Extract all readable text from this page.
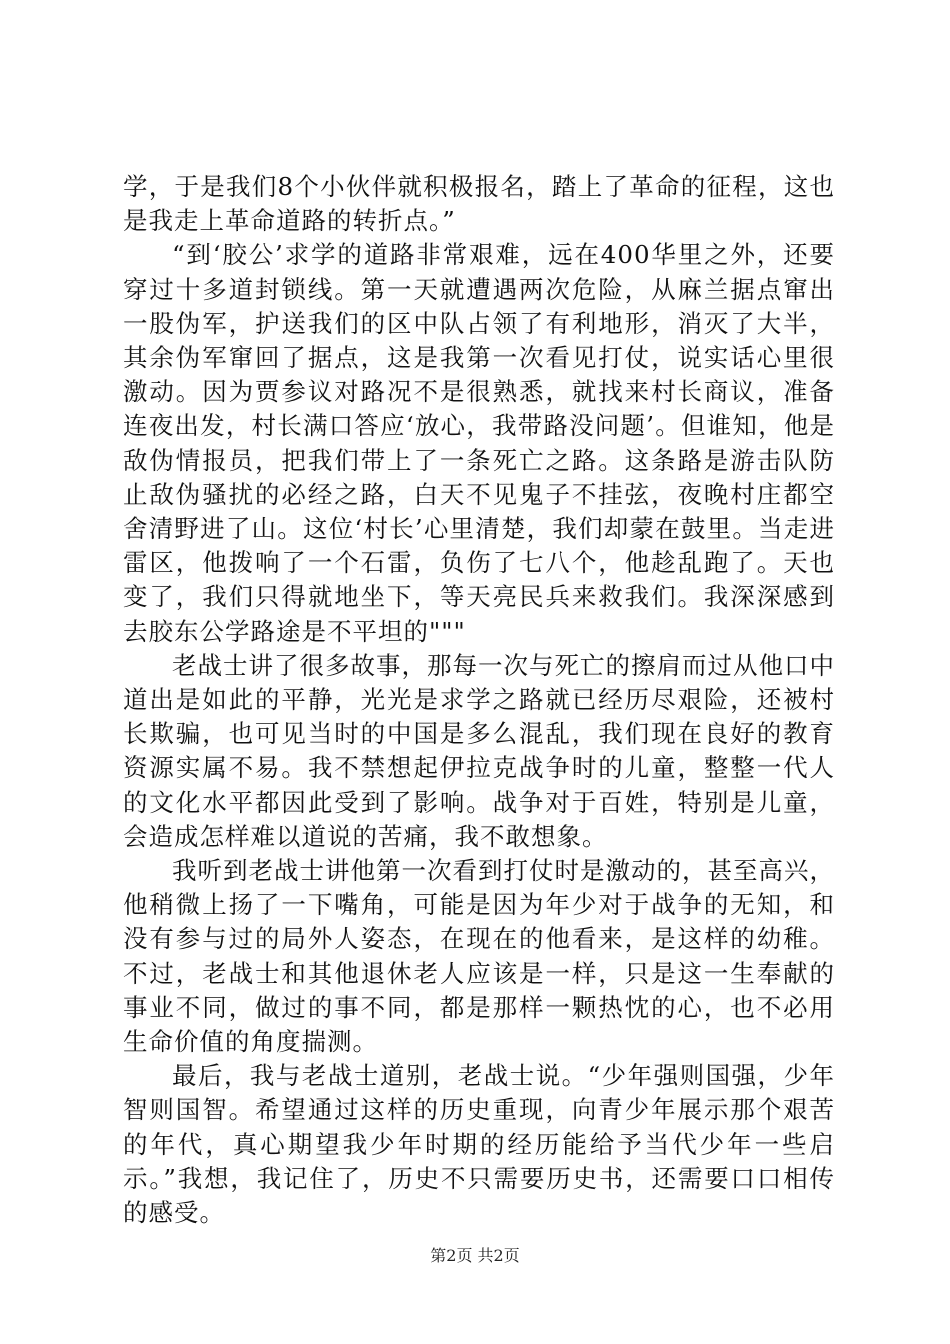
学，于是我们8个小伙伴就积极报名，踏上了革命的征程，这也是我走上革命道路的转折点。”

“到‘胶公’求学的道路非常艰难，远在400华里之外，还要穿过十多道封锁线。第一天就遭遇两次危险，从麻兰据点窜出一股伪军，护送我们的区中队占领了有利地形，消灭了大半，其余伪军窜回了据点，这是我第一次看见打仗，说实话心里很激动。因为贾参议对路况不是很熟悉，就找来村长商议，准备连夜出发，村长满口答应‘放心，我带路没问题’。但谁知，他是敌伪情报员，把我们带上了一条死亡之路。这条路是游击队防止敌伪骚扰的必经之路，白天不见鬼子不挂弦，夜晚村庄都空舍清野进了山。这位‘村长’心里清楚，我们却蒙在鼓里。当走进雷区，他拨响了一个石雷，负伤了七八个，他趁乱跑了。天也变了，我们只得就地坐下，等天亮民兵来救我们。我深深感到去胶东公学路途是不平坦的"""

老战士讲了很多故事，那每一次与死亡的擦肩而过从他口中道出是如此的平静，光光是求学之路就已经历尽艰险，还被村长欺骗，也可见当时的中国是多么混乱，我们现在良好的教育资源实属不易。我不禁想起伊拉克战争时的儿童，整整一代人的文化水平都因此受到了影响。战争对于百姓，特别是儿童，会造成怎样难以道说的苦痛，我不敢想象。

我听到老战士讲他第一次看到打仗时是激动的，甚至高兴，他稍微上扬了一下嘴角，可能是因为年少对于战争的无知，和没有参与过的局外人姿态，在现在的他看来，是这样的幼稚。不过，老战士和其他退休老人应该是一样，只是这一生奉献的事业不同，做过的事不同，都是那样一颗热忱的心，也不必用生命价值的角度揣测。

最后，我与老战士道别，老战士说。“少年强则国强，少年智则国智。希望通过这样的历史重现，向青少年展示那个艰苦的年代，真心期望我少年时期的经历能给予当代少年一些启示。”我想，我记住了，历史不只需要历史书，还需要口口相传的感受。

第2页 共2页
